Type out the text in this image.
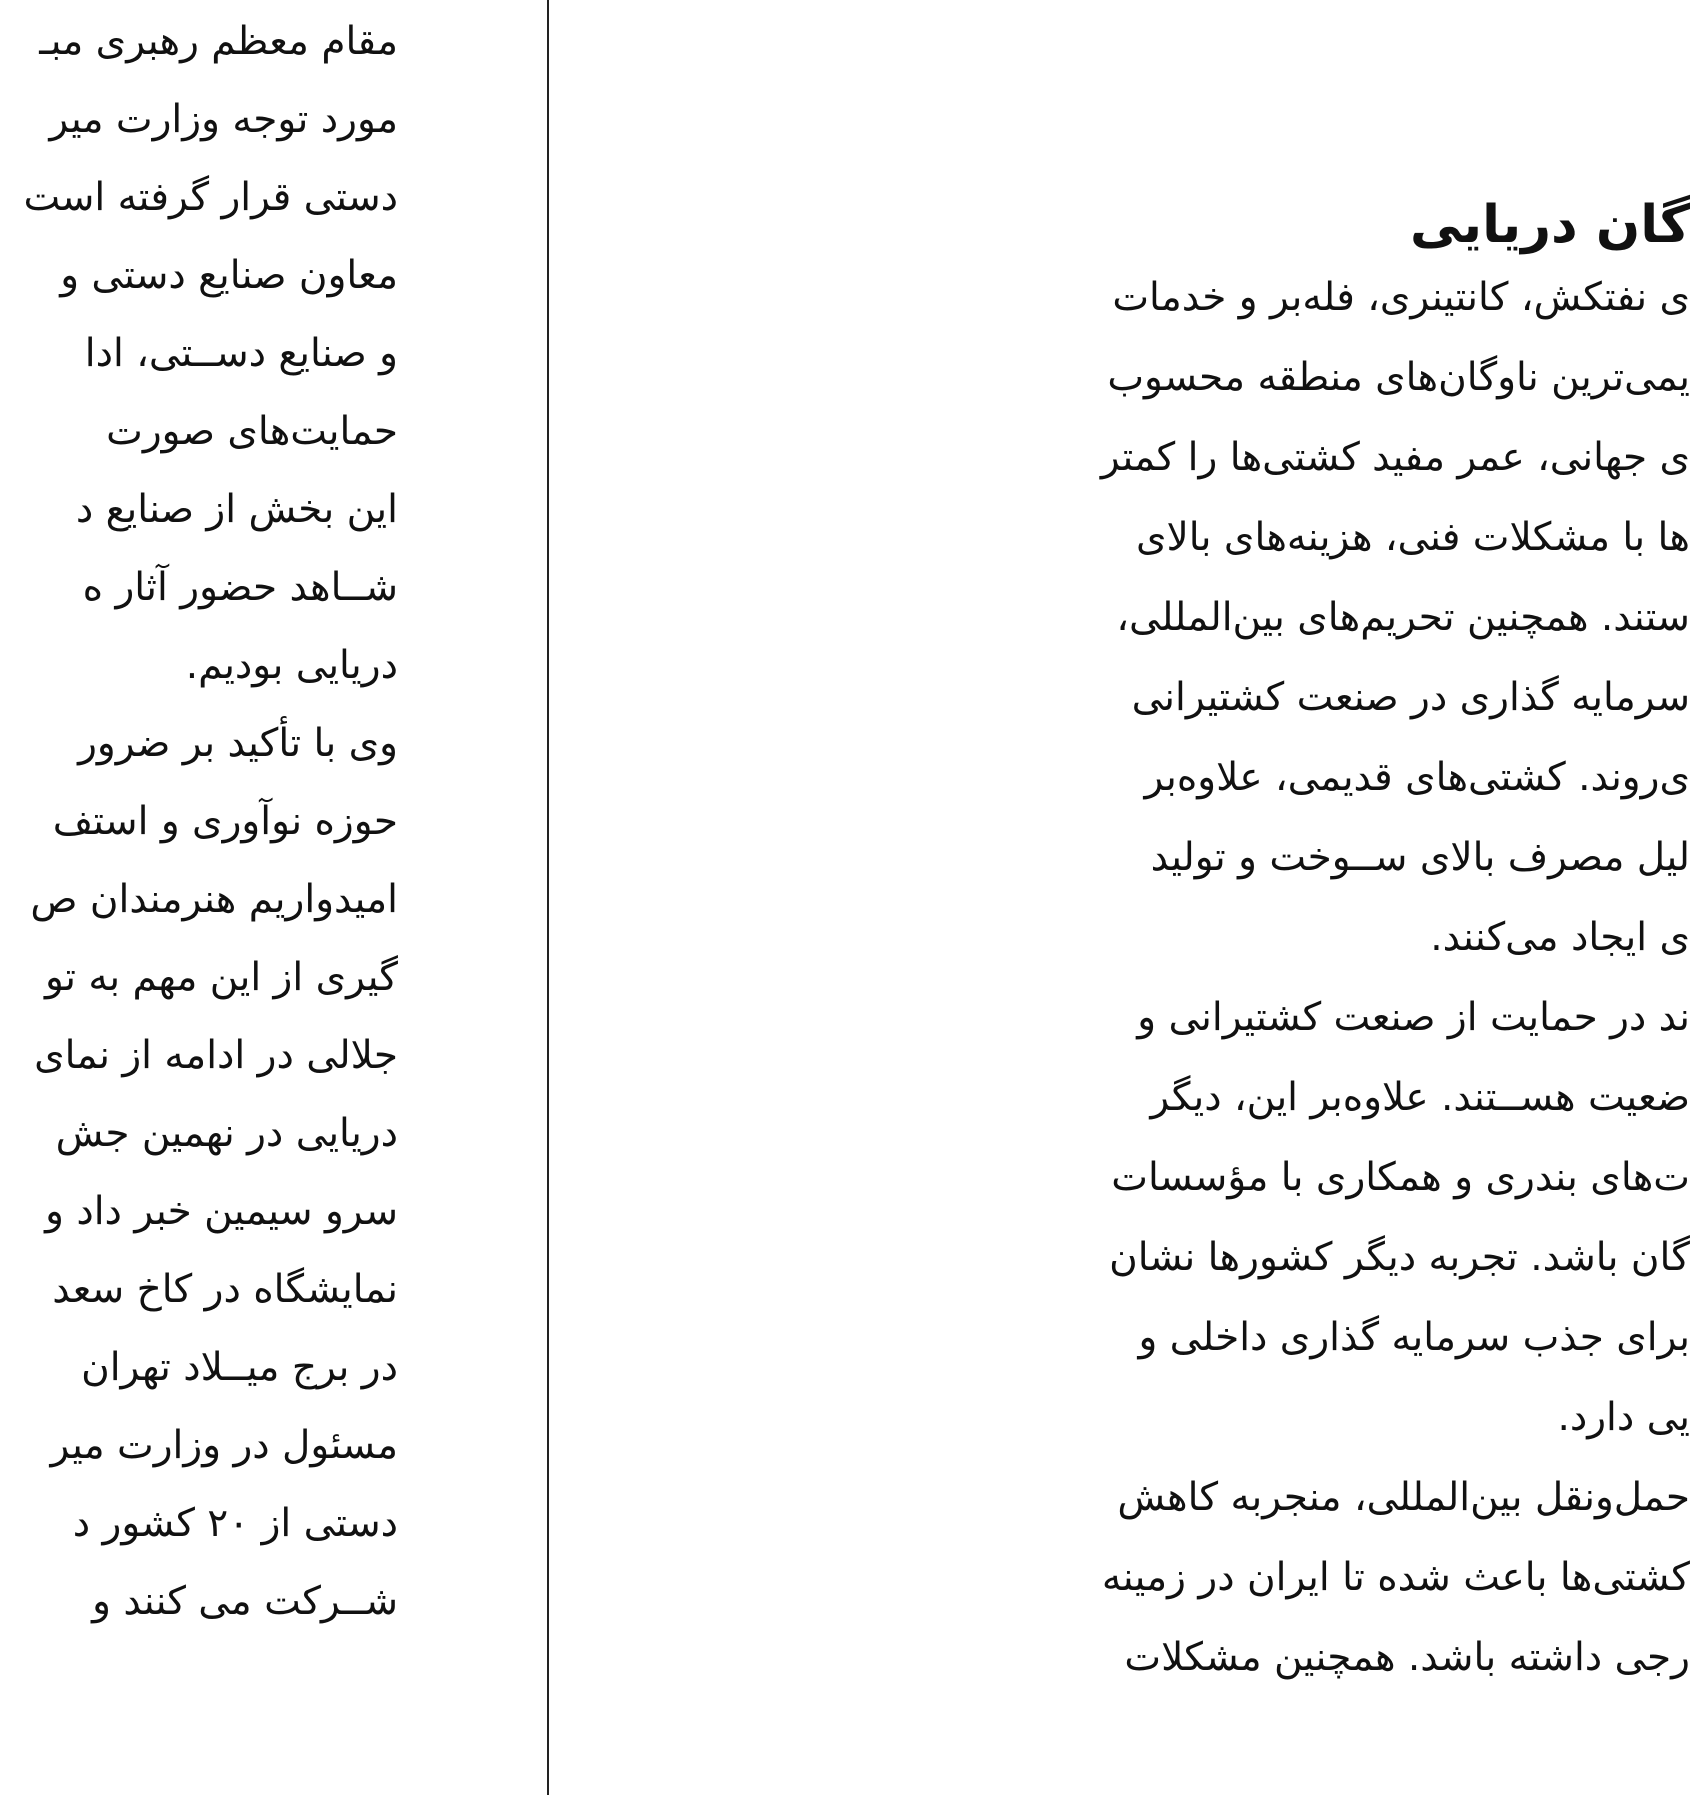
مقام معظم رهبری مبـ
مورد توجه وزارت میر
دستی قرار گرفته است
معاون صنایع دستی و
و صنایع دســتی، ادا
حمایت‌های صورت
این بخش از صنایع د
شــاهد حضور آثار ه
دریایی بودیم.
وی با تأکید بر ضرور
حوزه نوآوری و استف
امیدواریم هنرمندان ص
گیری از این مهم به تو
جلالی در ادامه از نمای
دریایی در نهمین جش
سرو سیمین خبر داد و
نمایشگاه در کاخ سعد
در برج میــلاد تهران
مسئول در وزارت میر
دستی از ۲۰ کشور د
شــرکت می کنند و
گان دریایی
ی نفتکش، کانتینری، فله‌بر و خدمات
یمی‌ترین ناوگان‌های منطقه محسوب
ی جهانی، عمر مفید کشتی‌ها را کمتر
ها با مشکلات فنی، هزینه‌های بالای
ستند. همچنین تحریم‌های بین‌المللی،
سرمایه گذاری در صنعت کشتیرانی
ی‌روند. کشتی‌های قدیمی، علاوه‌بر
لیل مصرف بالای ســوخت و تولید
ی ایجاد می‌کنند.
ند در حمایت از صنعت کشتیرانی و
ضعیت هســتند. علاوه‌بر این، دیگر
ت‌های بندری و همکاری با مؤسسات
گان باشد. تجربه دیگر کشورها نشان
برای جذب سرمایه گذاری داخلی و
یی دارد.
حمل‌ونقل بین‌المللی، منجربه کاهش
کشتی‌ها باعث شده تا ایران در زمینه
رجی داشته باشد. همچنین مشکلات
